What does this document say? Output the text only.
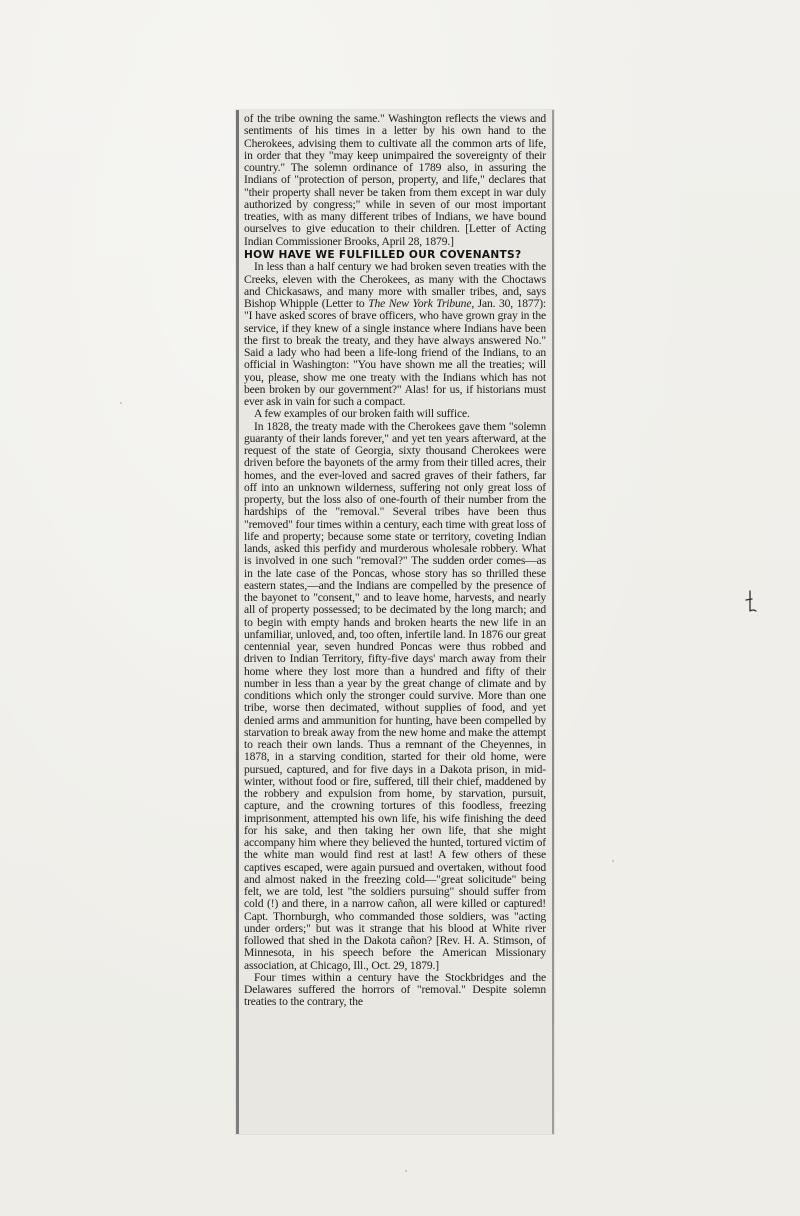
of the tribe owning the same." Washington reflects the views and sentiments of his times in a letter by his own hand to the Cherokees, advising them to cultivate all the common arts of life, in order that they "may keep unimpaired the sovereignty of their country." The solemn ordinance of 1789 also, in assuring the Indians of "protection of person, property, and life," declares that "their property shall never be taken from them except in war duly authorized by congress;" while in seven of our most important treaties, with as many different tribes of Indians, we have bound ourselves to give education to their children. [Letter of Acting Indian Commissioner Brooks, April 28, 1879.]

HOW HAVE WE FULFILLED OUR COVENANTS?

In less than a half century we had broken seven treaties with the Creeks, eleven with the Cherokees, as many with the Choctaws and Chickasaws, and many more with smaller tribes, and, says Bishop Whipple (Letter to The New York Tribune, Jan. 30, 1877): "I have asked scores of brave officers, who have grown gray in the service, if they knew of a single instance where Indians have been the first to break the treaty, and they have always answered No." Said a lady who had been a life-long friend of the Indians, to an official in Washington: "You have shown me all the treaties; will you, please, show me one treaty with the Indians which has not been broken by our government?" Alas! for us, if historians must ever ask in vain for such a compact.

A few examples of our broken faith will suffice.

In 1828, the treaty made with the Cherokees gave them "solemn guaranty of their lands forever," and yet ten years afterward, at the request of the state of Georgia, sixty thousand Cherokees were driven before the bayonets of the army from their tilled acres, their homes, and the ever-loved and sacred graves of their fathers, far off into an unknown wilderness, suffering not only great loss of property, but the loss also of one-fourth of their number from the hardships of the "removal." Several tribes have been thus "removed" four times within a century, each time with great loss of life and property; because some state or territory, coveting Indian lands, asked this perfidy and murderous wholesale robbery. What is involved in one such "removal?" The sudden order comes—as in the late case of the Poncas, whose story has so thrilled these eastern states,—and the Indians are compelled by the presence of the bayonet to "consent," and to leave home, harvests, and nearly all of property possessed; to be decimated by the long march; and to begin with empty hands and broken hearts the new life in an unfamiliar, unloved, and, too often, infertile land. In 1876 our great centennial year, seven hundred Poncas were thus robbed and driven to Indian Territory, fifty-five days' march away from their home where they lost more than a hundred and fifty of their number in less than a year by the great change of climate and by conditions which only the stronger could survive. More than one tribe, worse then decimated, without supplies of food, and yet denied arms and ammunition for hunting, have been compelled by starvation to break away from the new home and make the attempt to reach their own lands. Thus a remnant of the Cheyennes, in 1878, in a starving condition, started for their old home, were pursued, captured, and for five days in a Dakota prison, in mid-winter, without food or fire, suffered, till their chief, maddened by the robbery and expulsion from home, by starvation, pursuit, capture, and the crowning tortures of this foodless, freezing imprisonment, attempted his own life, his wife finishing the deed for his sake, and then taking her own life, that she might accompany him where they believed the hunted, tortured victim of the white man would find rest at last! A few others of these captives escaped, were again pursued and overtaken, without food and almost naked in the freezing cold—"great solicitude" being felt, we are told, lest "the soldiers pursuing" should suffer from cold (!) and there, in a narrow cañon, all were killed or captured! Capt. Thornburgh, who commanded those soldiers, was "acting under orders;" but was it strange that his blood at White river followed that shed in the Dakota cañon? [Rev. H. A. Stimson, of Minnesota, in his speech before the American Missionary association, at Chicago, Ill., Oct. 29, 1879.]

Four times within a century have the Stockbridges and the Delawares suffered the horrors of "removal." Despite solemn treaties to the contrary, the
